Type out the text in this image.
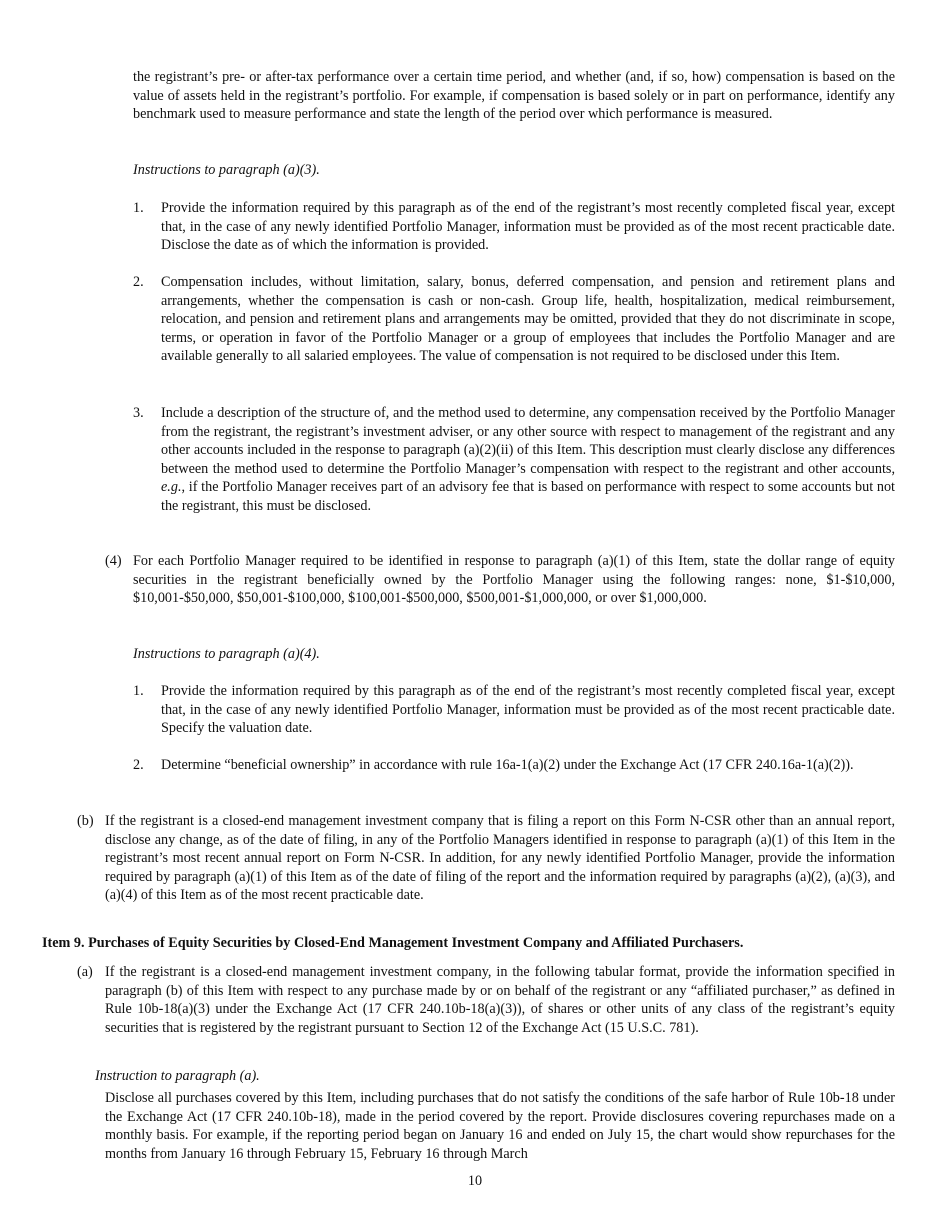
the registrant’s pre- or after-tax performance over a certain time period, and whether (and, if so, how) compensation is based on the value of assets held in the registrant’s portfolio. For example, if compensation is based solely or in part on performance, identify any benchmark used to measure performance and state the length of the period over which performance is measured.

Instructions to paragraph (a)(3).

1. Provide the information required by this paragraph as of the end of the registrant’s most recently completed fiscal year, except that, in the case of any newly identified Portfolio Manager, information must be provided as of the most recent practicable date. Disclose the date as of which the information is provided.

2. Compensation includes, without limitation, salary, bonus, deferred compensation, and pension and retirement plans and arrangements, whether the compensation is cash or non-cash. Group life, health, hospitalization, medical reimbursement, relocation, and pension and retirement plans and arrangements may be omitted, provided that they do not discriminate in scope, terms, or operation in favor of the Portfolio Manager or a group of employees that includes the Portfolio Manager and are available generally to all salaried employees. The value of compensation is not required to be disclosed under this Item.

3. Include a description of the structure of, and the method used to determine, any compensation received by the Portfolio Manager from the registrant, the registrant’s investment adviser, or any other source with respect to management of the registrant and any other accounts included in the response to paragraph (a)(2)(ii) of this Item. This description must clearly disclose any differences between the method used to determine the Portfolio Manager’s compensation with respect to the registrant and other accounts, e.g., if the Portfolio Manager receives part of an advisory fee that is based on performance with respect to some accounts but not the registrant, this must be disclosed.

(4) For each Portfolio Manager required to be identified in response to paragraph (a)(1) of this Item, state the dollar range of equity securities in the registrant beneficially owned by the Portfolio Manager using the following ranges: none, $1-$10,000, $10,001-$50,000, $50,001-$100,000, $100,001-$500,000, $500,001-$1,000,000, or over $1,000,000.

Instructions to paragraph (a)(4).

1. Provide the information required by this paragraph as of the end of the registrant’s most recently completed fiscal year, except that, in the case of any newly identified Portfolio Manager, information must be provided as of the most recent practicable date. Specify the valuation date.

2. Determine “beneficial ownership” in accordance with rule 16a-1(a)(2) under the Exchange Act (17 CFR 240.16a-1(a)(2)).

(b) If the registrant is a closed-end management investment company that is filing a report on this Form N-CSR other than an annual report, disclose any change, as of the date of filing, in any of the Portfolio Managers identified in response to paragraph (a)(1) of this Item in the registrant’s most recent annual report on Form N-CSR. In addition, for any newly identified Portfolio Manager, provide the information required by paragraph (a)(1) of this Item as of the date of filing of the report and the information required by paragraphs (a)(2), (a)(3), and (a)(4) of this Item as of the most recent practicable date.

Item 9. Purchases of Equity Securities by Closed-End Management Investment Company and Affiliated Purchasers.

(a) If the registrant is a closed-end management investment company, in the following tabular format, provide the information specified in paragraph (b) of this Item with respect to any purchase made by or on behalf of the registrant or any “affiliated purchaser,” as defined in Rule 10b-18(a)(3) under the Exchange Act (17 CFR 240.10b-18(a)(3)), of shares or other units of any class of the registrant’s equity securities that is registered by the registrant pursuant to Section 12 of the Exchange Act (15 U.S.C. 781).

Instruction to paragraph (a).

Disclose all purchases covered by this Item, including purchases that do not satisfy the conditions of the safe harbor of Rule 10b-18 under the Exchange Act (17 CFR 240.10b-18), made in the period covered by the report. Provide disclosures covering repurchases made on a monthly basis. For example, if the reporting period began on January 16 and ended on July 15, the chart would show repurchases for the months from January 16 through February 15, February 16 through March

10
